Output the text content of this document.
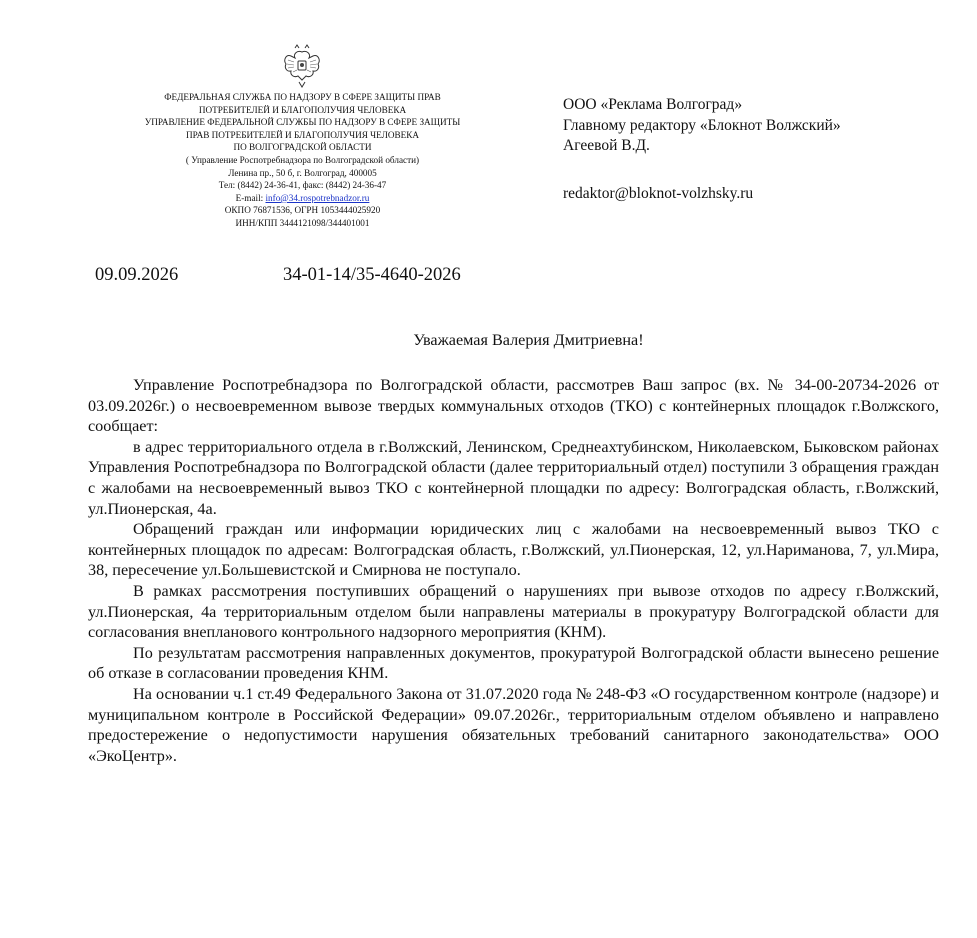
ФЕДЕРАЛЬНАЯ СЛУЖБА ПО НАДЗОРУ В СФЕРЕ ЗАЩИТЫ ПРАВ
ПОТРЕБИТЕЛЕЙ И БЛАГОПОЛУЧИЯ ЧЕЛОВЕКА
УПРАВЛЕНИЕ ФЕДЕРАЛЬНОЙ СЛУЖБЫ ПО НАДЗОРУ В СФЕРЕ ЗАЩИТЫ
ПРАВ ПОТРЕБИТЕЛЕЙ И БЛАГОПОЛУЧИЯ ЧЕЛОВЕКА
ПО ВОЛГОГРАДСКОЙ ОБЛАСТИ
( Управление Роспотребнадзора по Волгоградской области)
Ленина пр., 50 б, г. Волгоград, 400005
Тел: (8442) 24-36-41, факс: (8442) 24-36-47
E-mail: info@34.rospotrebnadzor.ru
ОКПО 76871536, ОГРН 1053444025920
ИНН/КПП 3444121098/344401001
ООО «Реклама Волгоград»
Главному редактору «Блокнот Волжский»
Агеевой В.Д.
redaktor@bloknot-volzhsky.ru
09.09.2026	34-01-14/35-4640-2026
Уважаемая Валерия Дмитриевна!

Управление Роспотребнадзора по Волгоградской области, рассмотрев Ваш запрос (вх. № 34-00-20734-2026 от 03.09.2026г.) о несвоевременном вывозе твердых коммунальных отходов (ТКО) с контейнерных площадок г.Волжского, сообщает:

в адрес территориального отдела в г.Волжский, Ленинском, Среднеахтубинском, Николаевском, Быковском районах Управления Роспотребнадзора по Волгоградской области (далее территориальный отдел) поступили 3 обращения граждан с жалобами на несвоевременный вывоз ТКО с контейнерной площадки по адресу: Волгоградская область, г.Волжский, ул.Пионерская, 4а.

Обращений граждан или информации юридических лиц с жалобами на несвоевременный вывоз ТКО с контейнерных площадок по адресам: Волгоградская область, г.Волжский, ул.Пионерская, 12, ул.Нариманова, 7, ул.Мира, 38, пересечение ул.Большевистской и Смирнова не поступало.

В рамках рассмотрения поступивших обращений о нарушениях при вывозе отходов по адресу г.Волжский, ул.Пионерская, 4а территориальным отделом были направлены материалы в прокуратуру Волгоградской области для согласования внепланового контрольного надзорного мероприятия (КНМ).

По результатам рассмотрения направленных документов, прокуратурой Волгоградской области вынесено решение об отказе в согласовании проведения КНМ.

На основании ч.1 ст.49 Федерального Закона от 31.07.2020 года № 248-ФЗ «О государственном контроле (надзоре) и муниципальном контроле в Российской Федерации» 09.07.2026г., территориальным отделом объявлено и направлено предостережение о недопустимости нарушения обязательных требований санитарного законодательства» ООО «ЭкоЦентр».
